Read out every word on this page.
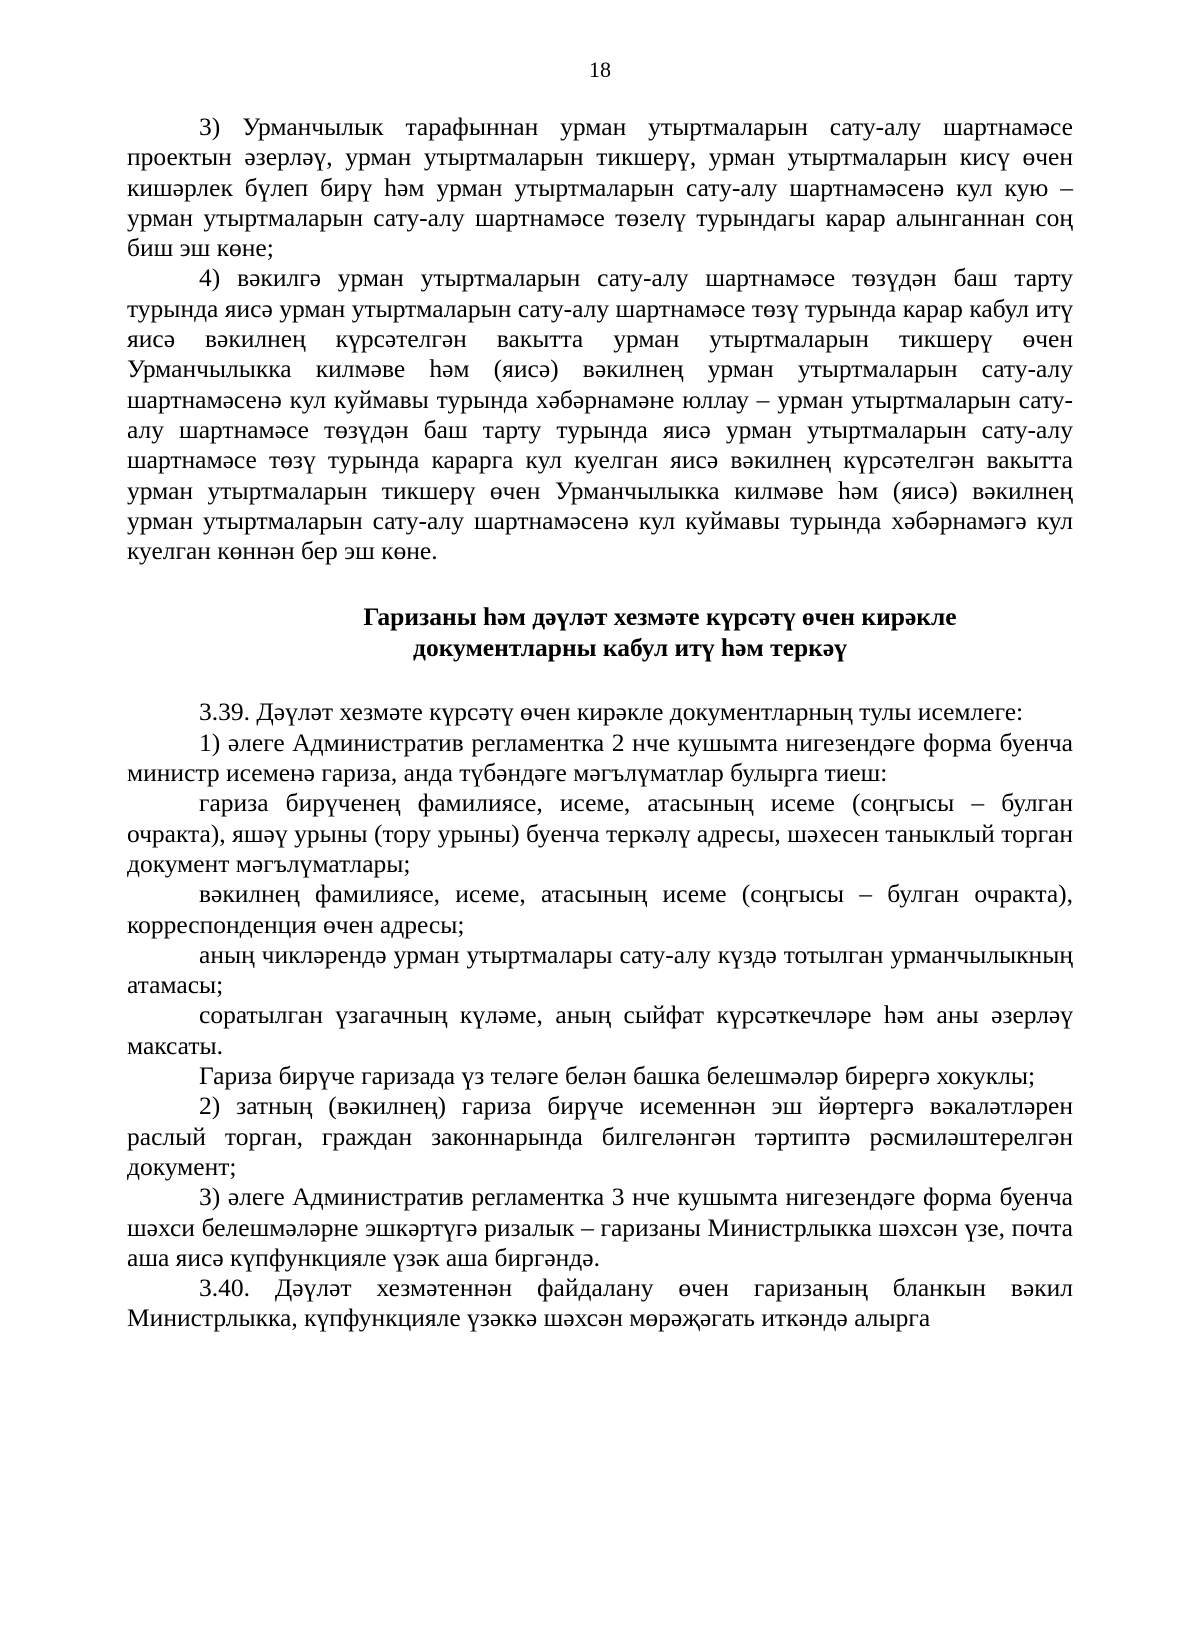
18

3) Урманчылык тарафыннан урман утыртмаларын сату-алу шартнамәсе проектын әзерләү, урман утыртмаларын тикшерү, урман утыртмаларын кисү өчен кишәрлек бүлеп бирү һәм урман утыртмаларын сату-алу шартнамәсенә кул кую – урман утыртмаларын сату-алу шартнамәсе төзелү турындагы карар алынганнан соң биш эш көне;

4) вәкилгә урман утыртмаларын сату-алу шартнамәсе төзүдән баш тарту турында яисә урман утыртмаларын сату-алу шартнамәсе төзү турында карар кабул итү яисә вәкилнең күрсәтелгән вакытта урман утыртмаларын тикшерү өчен Урманчылыкка килмәве һәм (яисә) вәкилнең урман утыртмаларын сату-алу шартнамәсенә кул куймавы турында хәбәрнамәне юллау – урман утыртмаларын сату-алу шартнамәсе төзүдән баш тарту турында яисә урман утыртмаларын сату-алу шартнамәсе төзү турында карарга кул куелган яисә вәкилнең күрсәтелгән вакытта урман утыртмаларын тикшерү өчен Урманчылыкка килмәве һәм (яисә) вәкилнең урман утыртмаларын сату-алу шартнамәсенә кул куймавы турында хәбәрнамәгә кул куелган көннән бер эш көне.

Гаризаны һәм дәүләт хезмәте күрсәтү өчен кирәкле
документларны кабул итү һәм теркәү

3.39. Дәүләт хезмәте күрсәтү өчен кирәкле документларның тулы исемлеге:

1) әлеге Административ регламентка 2 нче кушымта нигезендәге форма буенча министр исеменә гариза, анда түбәндәге мәгълүматлар булырга тиеш:

гариза бирүченең фамилиясе, исеме, атасының исеме (соңгысы – булган очракта), яшәү урыны (тору урыны) буенча теркәлү адресы, шәхесен таныклый торган документ мәгълүматлары;

вәкилнең фамилиясе, исеме, атасының исеме (соңгысы – булган очракта), корреспонденция өчен адресы;

аның чикләрендә урман утыртмалары сату-алу күздә тотылган урманчылыкның атамасы;

соратылган үзагачның күләме, аның сыйфат күрсәткечләре һәм аны әзерләү максаты.

Гариза бирүче гаризада үз теләге белән башка белешмәләр бирергә хокуклы;

2) затның (вәкилнең) гариза бирүче исеменнән эш йөртергә вәкаләтләрен раслый торган, граждан законнарында билгеләнгән тәртиптә рәсмиләштерелгән документ;

3) әлеге Административ регламентка 3 нче кушымта нигезендәге форма буенча шәхси белешмәләрне эшкәртүгә ризалык – гаризаны Министрлыкка шәхсән үзе, почта аша яисә күпфункцияле үзәк аша биргәндә.

3.40. Дәүләт хезмәтеннән файдалану өчен гаризаның бланкын вәкил Министрлыкка, күпфункцияле үзәккә шәхсән мөрәҗәгать иткәндә алырга
